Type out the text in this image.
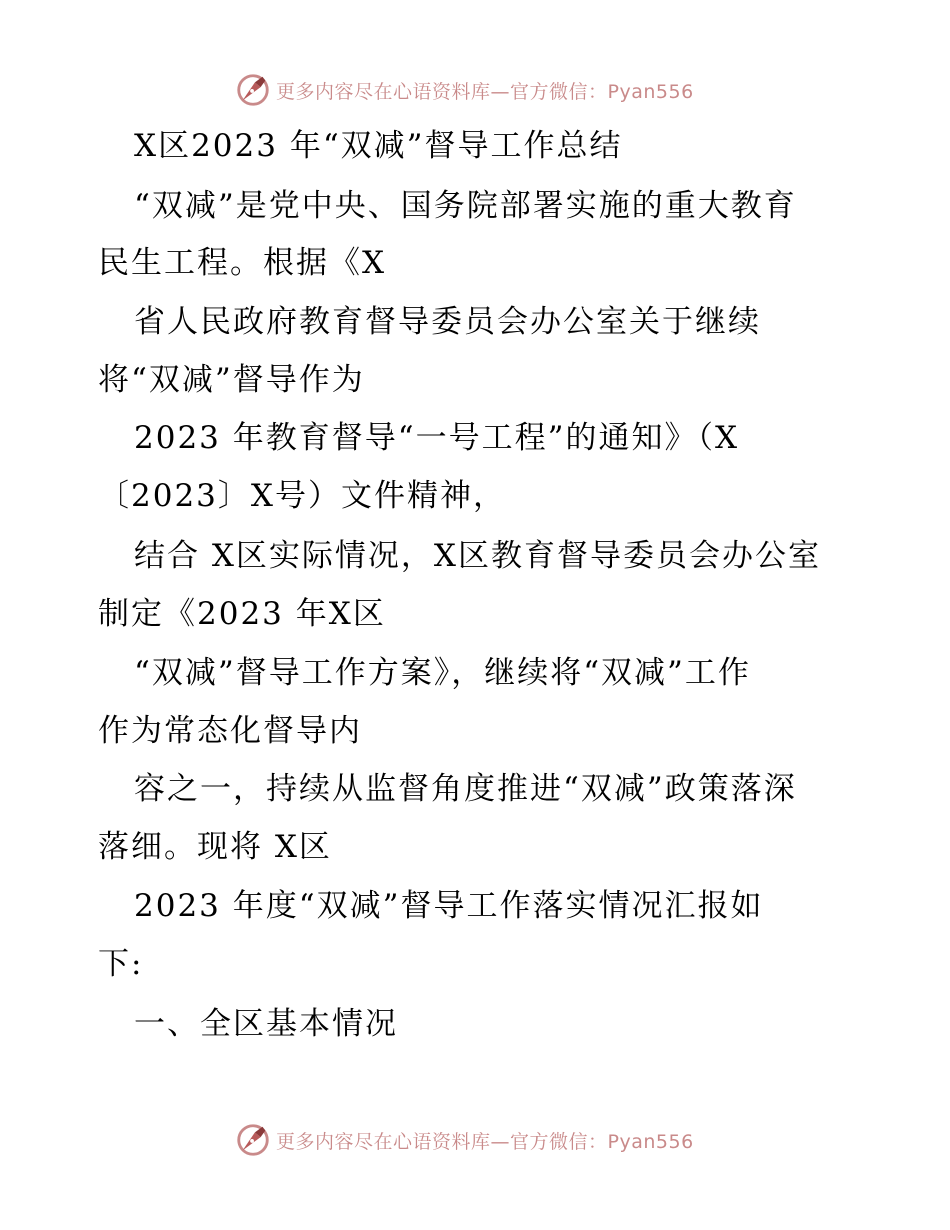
更多内容尽在心语资料库—官方微信：Pyan556
X区2023 年“双减”督导工作总结
“双减”是党中央、国务院部署实施的重大教育
民生工程。根据《X
省人民政府教育督导委员会办公室关于继续
将“双减”督导作为
2023 年教育督导“一号工程”的通知》（X
〔2023〕X号）文件精神，
结合 X区实际情况，X区教育督导委员会办公室
制定《2023 年X区
“双减”督导工作方案》，继续将“双减”工作
作为常态化督导内
容之一，持续从监督角度推进“双减”政策落深
落细。现将 X区
2023 年度“双减”督导工作落实情况汇报如
下:
一、全区基本情况
更多内容尽在心语资料库—官方微信：Pyan556
